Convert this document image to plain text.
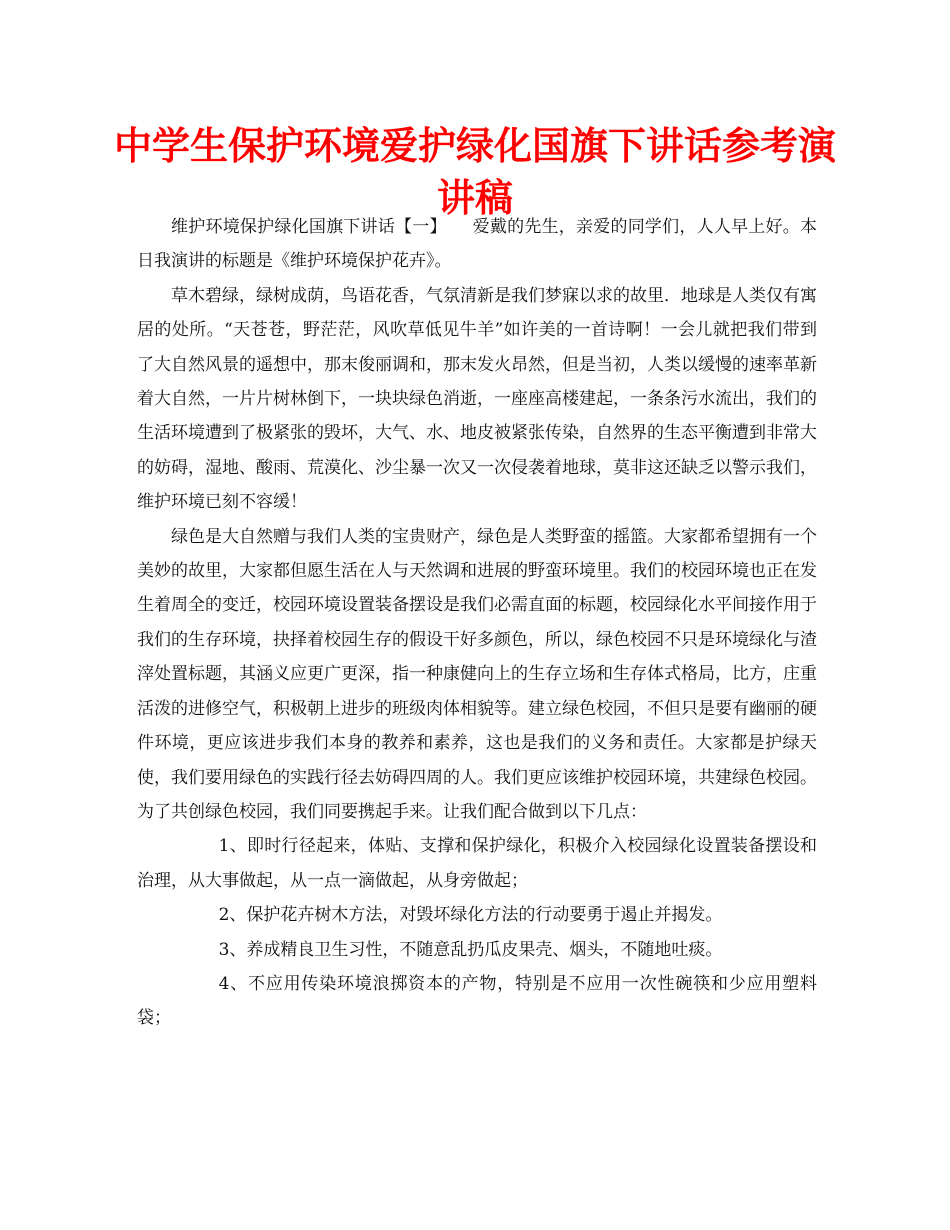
中学生保护环境爱护绿化国旗下讲话参考演讲稿

维护环境保护绿化国旗下讲话【一】　　爱戴的先生，亲爱的同学们，人人早上好。本日我演讲的标题是《维护环境保护花卉》。

草木碧绿，绿树成荫，鸟语花香，气氛清新是我们梦寐以求的故里．地球是人类仅有寓居的处所。“天苍苍，野茫茫，风吹草低见牛羊”如许美的一首诗啊！一会儿就把我们带到了大自然风景的遥想中，那末俊丽调和，那末发火昂然，但是当初，人类以缓慢的速率革新着大自然，一片片树林倒下，一块块绿色消逝，一座座高楼建起，一条条污水流出，我们的生活环境遭到了极紧张的毁坏，大气、水、地皮被紧张传染，自然界的生态平衡遭到非常大的妨碍，湿地、酸雨、荒漠化、沙尘暴一次又一次侵袭着地球，莫非这还缺乏以警示我们，维护环境已刻不容缓！

绿色是大自然赠与我们人类的宝贵财产，绿色是人类野蛮的摇篮。大家都希望拥有一个美妙的故里，大家都但愿生活在人与天然调和进展的野蛮环境里。我们的校园环境也正在发生着周全的变迁，校园环境设置装备摆设是我们必需直面的标题，校园绿化水平间接作用于我们的生存环境，抉择着校园生存的假设干好多颜色，所以，绿色校园不只是环境绿化与渣滓处置标题，其涵义应更广更深，指一种康健向上的生存立场和生存体式格局，比方，庄重活泼的进修空气，积极朝上进步的班级肉体相貌等。建立绿色校园，不但只是要有幽丽的硬件环境，更应该进步我们本身的教养和素养，这也是我们的义务和责任。大家都是护绿天使，我们要用绿色的实践行径去妨碍四周的人。我们更应该维护校园环境，共建绿色校园。为了共创绿色校园，我们同要携起手来。让我们配合做到以下几点：

1、即时行径起来，体贴、支撑和保护绿化，积极介入校园绿化设置装备摆设和治理，从大事做起，从一点一滴做起，从身旁做起；

2、保护花卉树木方法，对毁坏绿化方法的行动要勇于遏止并揭发。

3、养成精良卫生习性，不随意乱扔瓜皮果壳、烟头，不随地吐痰。

4、不应用传染环境浪掷资本的产物，特别是不应用一次性碗筷和少应用塑料袋；
